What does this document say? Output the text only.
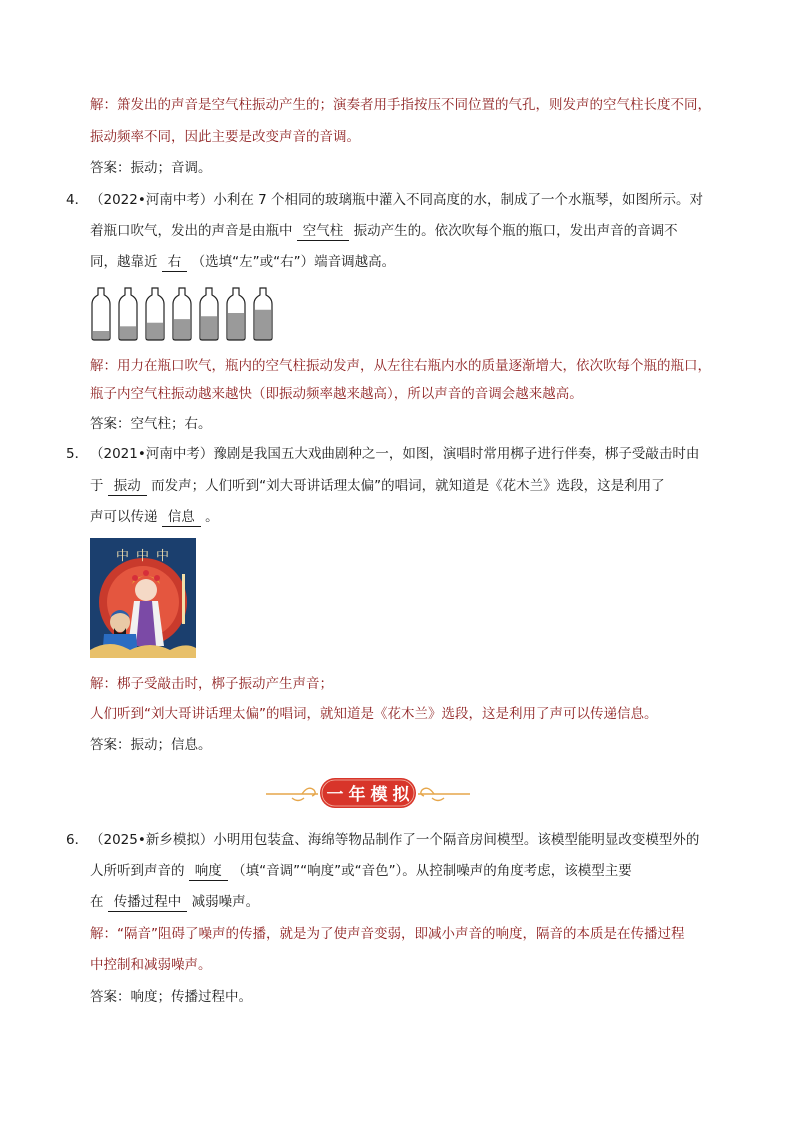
解：箫发出的声音是空气柱振动产生的；演奏者用手指按压不同位置的气孔，则发声的空气柱长度不同，
振动频率不同，因此主要是改变声音的音调。
答案：振动；音调。
4． （2022•河南中考）小利在 7 个相同的玻璃瓶中灌入不同高度的水，制成了一个水瓶琴，如图所示。对
着瓶口吹气，发出的声音是由瓶中 空气柱 振动产生的。依次吹每个瓶的瓶口，发出声音的音调不
同，越靠近 右 （选填“左”或“右”）端音调越高。
解：用力在瓶口吹气，瓶内的空气柱振动发声，从左往右瓶内水的质量逐渐增大，依次吹每个瓶的瓶口，
瓶子内空气柱振动越来越快（即振动频率越来越高），所以声音的音调会越来越高。
答案：空气柱；右。
5． （2021•河南中考）豫剧是我国五大戏曲剧种之一，如图，演唱时常用梆子进行伴奏，梆子受敲击时由
于 振动 而发声；人们听到“刘大哥讲话理太偏”的唱词，就知道是《花木兰》选段，这是利用了
声可以传递 信息 。
中 中 中
解：梆子受敲击时，梆子振动产生声音；
人们听到“刘大哥讲话理太偏”的唱词，就知道是《花木兰》选段，这是利用了声可以传递信息。
答案：振动；信息。
一 年 模 拟
6． （2025•新乡模拟）小明用包装盒、海绵等物品制作了一个隔音房间模型。该模型能明显改变模型外的
人所听到声音的 响度 （填“音调”“响度”或“音色”）。从控制噪声的角度考虑，该模型主要
在 传播过程中 减弱噪声。
解：“隔音”阻碍了噪声的传播，就是为了使声音变弱，即减小声音的响度，隔音的本质是在传播过程
中控制和减弱噪声。
答案：响度；传播过程中。
